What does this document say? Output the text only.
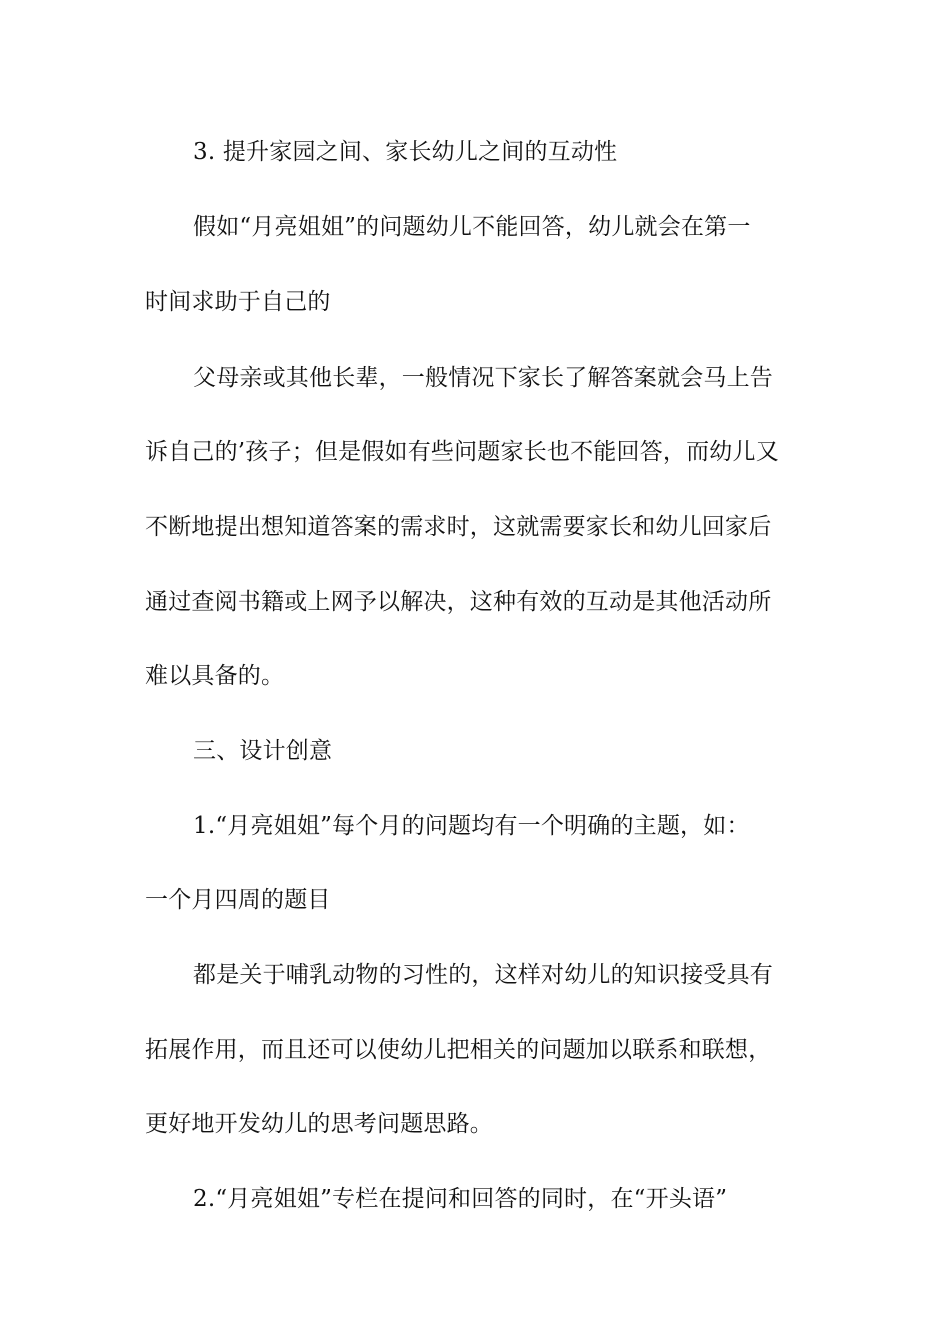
3. 提升家园之间、家长幼儿之间的互动性
假如“月亮姐姐”的问题幼儿不能回答，幼儿就会在第一
时间求助于自己的
父母亲或其他长辈，一般情况下家长了解答案就会马上告
诉自己的’孩子；但是假如有些问题家长也不能回答，而幼儿又
不断地提出想知道答案的需求时，这就需要家长和幼儿回家后
通过查阅书籍或上网予以解决，这种有效的互动是其他活动所
难以具备的。
三、设计创意
1.“月亮姐姐”每个月的问题均有一个明确的主题，如：
一个月四周的题目
都是关于哺乳动物的习性的，这样对幼儿的知识接受具有
拓展作用，而且还可以使幼儿把相关的问题加以联系和联想，
更好地开发幼儿的思考问题思路。
2.“月亮姐姐”专栏在提问和回答的同时，在“开头语”
